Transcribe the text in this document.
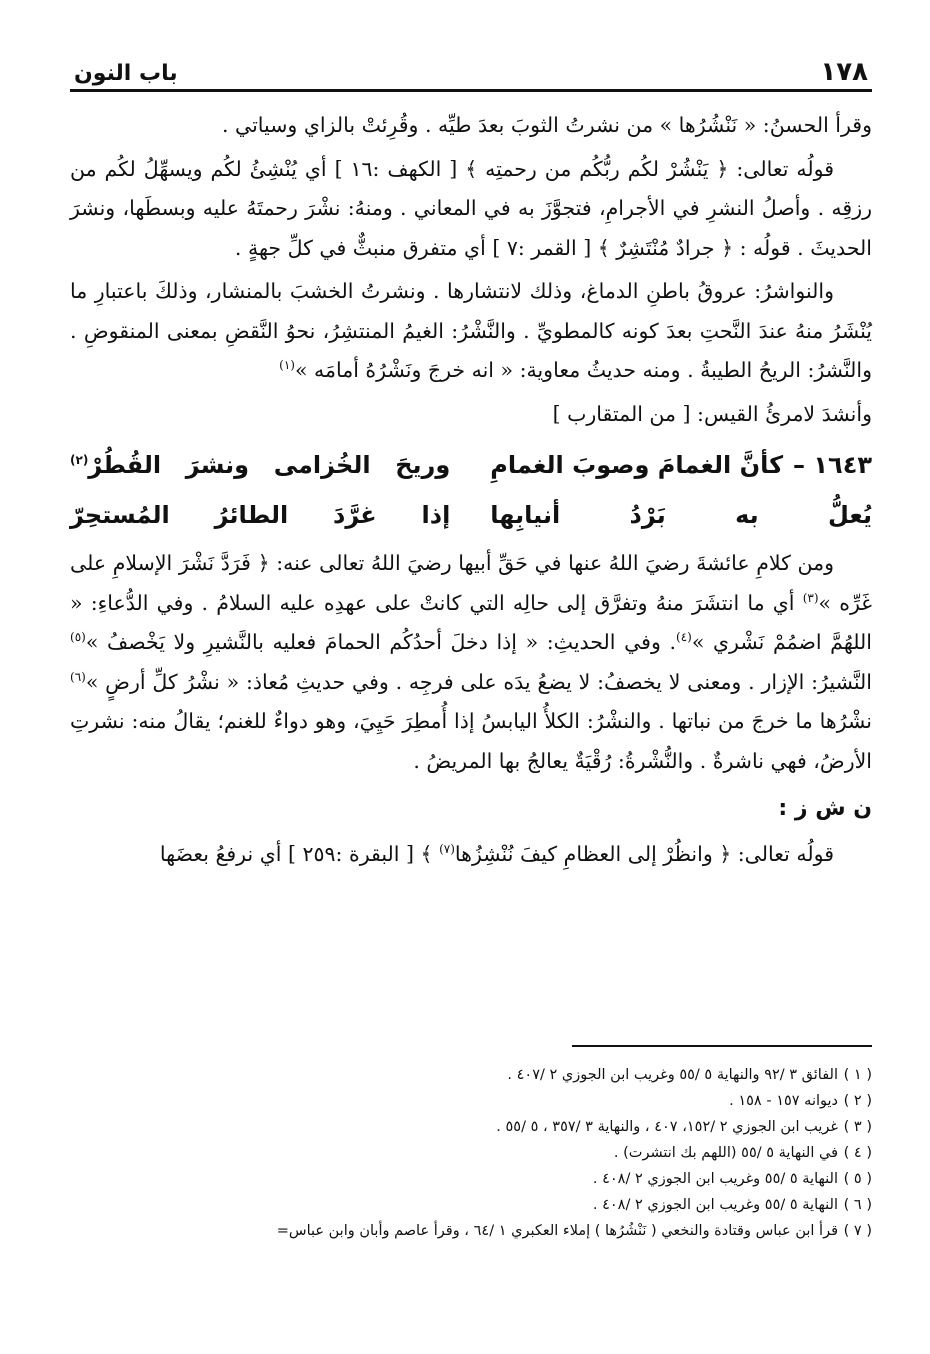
١٧٨
باب النون

وقرأ الحسنُ: « نَنْشُرُها » من نشرتُ الثوبَ بعدَ طيِّه . وقُرِئتْ بالزاي وسياتي .

قولُه تعالى: ﴿ يَنْشُرْ لكُم ربُّكُم من رحمتِه ﴾ [ الكهف :١٦ ] أي يُنْشِئُ لكُم ويسهِّلُ لكُم من رزقِه . وأصلُ النشرِ في الأجرامِ، فتجوَّزَ به في المعاني . ومنهُ: نشْرَ رحمتَهُ عليه وبسطَها، ونشرَ الحديثَ . قولُه : ﴿ جرادٌ مُنْتَشِرٌ ﴾ [ القمر :٧ ] أي متفرق منبثٌّ في كلِّ جهةٍ .

والنواشرُ: عروقُ باطنِ الدماغ، وذلك لانتشارها . ونشرتُ الخشبَ بالمنشار، وذلكَ باعتبارِ ما يُنْشَرُ منهُ عندَ النَّحتِ بعدَ كونه كالمطويِّ . والنَّشْرُ: الغيمُ المنتشِرُ، نحوُ النَّقضِ بمعنى المنقوضِ . والنَّشرُ: الريحُ الطيبةُ . ومنه حديثُ معاوية: « انه خرجَ ونَشْرُهُ أمامَه »$^{(١)}$

وأنشدَ لامرئُ القيس: [ من المتقارب ]

١٦٤٣ –كأنَّ الغمامَ وصوبَ الغمامِ
وريحَ الخُزامى ونشرَ القُطُرْ$^{(٢)}$
يُعلُّ به بَرْدُ أنيابِها
إذا غرَّدَ الطائرُ المُستحِرّ

ومن كلامِ عائشةَ رضيَ اللهُ عنها في حَقِّ أبيها رضيَ اللهُ تعالى عنه: ﴿ فَرَدَّ نَشْرَ الإسلامِ على غَرِّه »$^{(٣)}$ أي ما انتشَرَ منهُ وتفرَّق إلى حالِه التي كانتْ على عهدِه عليه السلامُ . وفي الدُّعاءِ: « اللهُمَّ اضمُمْ نَشْري »$^{(٤)}$. وفي الحديثِ: « إذا دخلَ أحدُكُم الحمامَ فعليه بالنَّشيرِ ولا يَخْصفُ »$^{(٥)}$ النَّشيرُ: الإزار . ومعنى لا يخصفُ: لا يضعُ يدَه على فرجِه . وفي حديثِ مُعاذ: « نشْرُ كلِّ أرضٍ »$^{(٦)}$ نشْرُها ما خرجَ من نباتها . والنشْرُ: الكلأُ اليابسُ إذا أُمطِرَ حَيِيَ، وهو دواءٌ للغنم؛ يقالُ منه: نشرتِ الأرضُ، فهي ناشرةٌ . والنُّشْرةُ: رُقْيَةٌ يعالجُ بها المريضُ .

ن ش ز :

قولُه تعالى: ﴿ وانظُرْ إلى العظامِ كيفَ نُنْشِزُها$^{(٧)}$ ﴾ [ البقرة :٢٥٩ ] أي نرفعُ بعضَها

( ١ )الفائق ٣ /٩٢ والنهاية ٥ /٥٥ وغريب ابن الجوزي ٢ /٤٠٧ .
( ٢ )ديوانه ١٥٧ - ١٥٨ .
( ٣ )غريب ابن الجوزي ٢ /١٥٢، ٤٠٧ ، والنهاية ٣ /٣٥٧ ، ٥ /٥٥ .
( ٤ )في النهاية ٥ /٥٥ (اللهم بك انتشرت) .
( ٥ )النهاية ٥ /٥٥ وغريب ابن الجوزي ٢ /٤٠٨ .
( ٦ )النهاية ٥ /٥٥ وغريب ابن الجوزي ٢ /٤٠٨ .
( ٧ )قرأ ابن عباس وقتادة والنخعي ( نَنْشُرُها ) إملاء العكبري ١ /٦٤ ، وقرأ عاصم وأبان وابن عباس=
